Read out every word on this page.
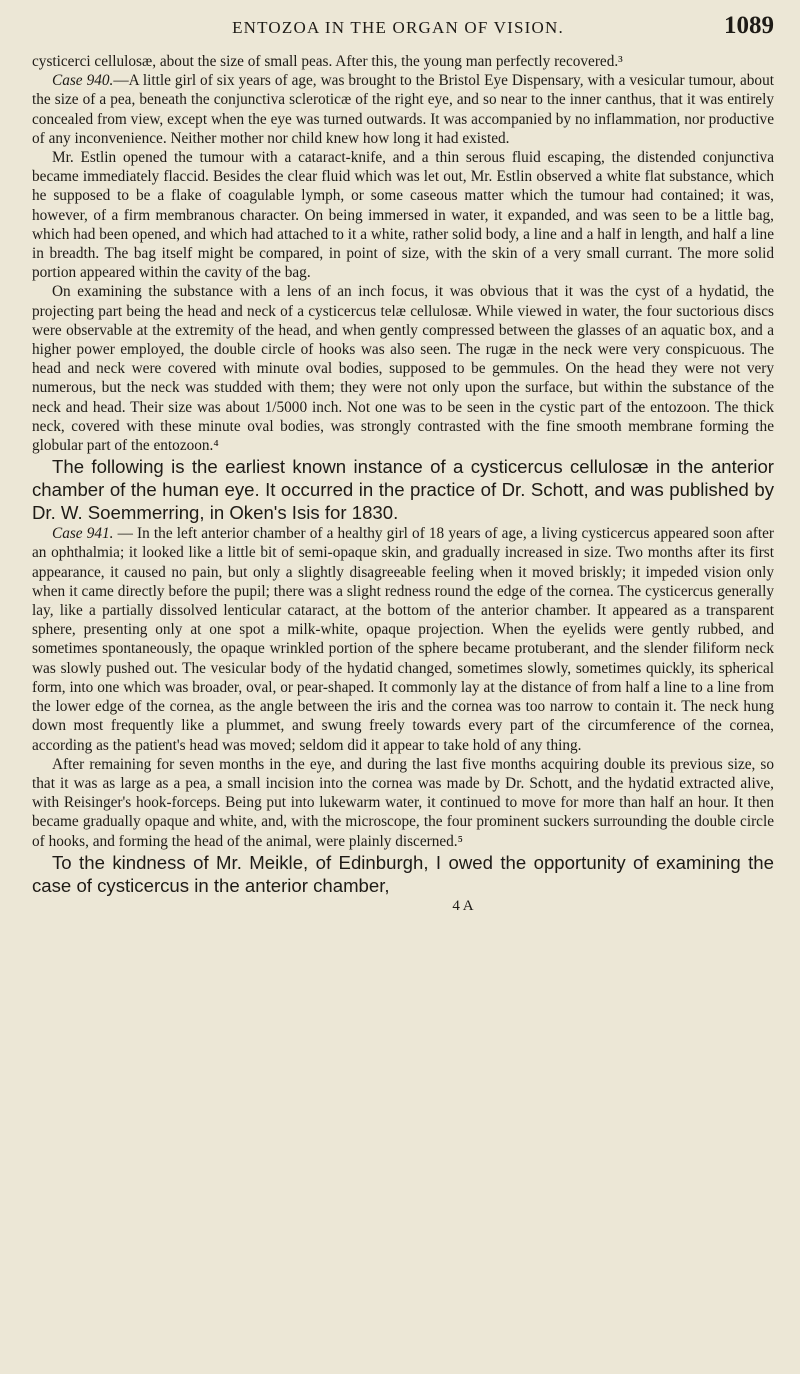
ENTOZOA IN THE ORGAN OF VISION.	1089

cysticerci cellulosæ, about the size of small peas. After this, the young man perfectly recovered.³

Case 940.—A little girl of six years of age, was brought to the Bristol Eye Dispensary, with a vesicular tumour, about the size of a pea, beneath the conjunctiva scleroticæ of the right eye, and so near to the inner canthus, that it was entirely concealed from view, except when the eye was turned outwards. It was accompanied by no inflammation, nor productive of any inconvenience. Neither mother nor child knew how long it had existed.

Mr. Estlin opened the tumour with a cataract-knife, and a thin serous fluid escaping, the distended conjunctiva became immediately flaccid. Besides the clear fluid which was let out, Mr. Estlin observed a white flat substance, which he supposed to be a flake of coagulable lymph, or some caseous matter which the tumour had contained; it was, however, of a firm membranous character. On being immersed in water, it expanded, and was seen to be a little bag, which had been opened, and which had attached to it a white, rather solid body, a line and a half in length, and half a line in breadth. The bag itself might be compared, in point of size, with the skin of a very small currant. The more solid portion appeared within the cavity of the bag.

On examining the substance with a lens of an inch focus, it was obvious that it was the cyst of a hydatid, the projecting part being the head and neck of a cysticercus telæ cellulosæ. While viewed in water, the four suctorious discs were observable at the extremity of the head, and when gently compressed between the glasses of an aquatic box, and a higher power employed, the double circle of hooks was also seen. The rugæ in the neck were very conspicuous. The head and neck were covered with minute oval bodies, supposed to be gemmules. On the head they were not very numerous, but the neck was studded with them; they were not only upon the surface, but within the substance of the neck and head. Their size was about 1/5000 inch. Not one was to be seen in the cystic part of the entozoon. The thick neck, covered with these minute oval bodies, was strongly contrasted with the fine smooth membrane forming the globular part of the entozoon.⁴

The following is the earliest known instance of a cysticercus cellulosæ in the anterior chamber of the human eye. It occurred in the practice of Dr. Schott, and was published by Dr. W. Soemmerring, in Oken's Isis for 1830.

Case 941. — In the left anterior chamber of a healthy girl of 18 years of age, a living cysticercus appeared soon after an ophthalmia; it looked like a little bit of semi-opaque skin, and gradually increased in size. Two months after its first appearance, it caused no pain, but only a slightly disagreeable feeling when it moved briskly; it impeded vision only when it came directly before the pupil; there was a slight redness round the edge of the cornea. The cysticercus generally lay, like a partially dissolved lenticular cataract, at the bottom of the anterior chamber. It appeared as a transparent sphere, presenting only at one spot a milk-white, opaque projection. When the eyelids were gently rubbed, and sometimes spontaneously, the opaque wrinkled portion of the sphere became protuberant, and the slender filiform neck was slowly pushed out. The vesicular body of the hydatid changed, sometimes slowly, sometimes quickly, its spherical form, into one which was broader, oval, or pear-shaped. It commonly lay at the distance of from half a line to a line from the lower edge of the cornea, as the angle between the iris and the cornea was too narrow to contain it. The neck hung down most frequently like a plummet, and swung freely towards every part of the circumference of the cornea, according as the patient's head was moved; seldom did it appear to take hold of any thing.

After remaining for seven months in the eye, and during the last five months acquiring double its previous size, so that it was as large as a pea, a small incision into the cornea was made by Dr. Schott, and the hydatid extracted alive, with Reisinger's hook-forceps. Being put into lukewarm water, it continued to move for more than half an hour. It then became gradually opaque and white, and, with the microscope, the four prominent suckers surrounding the double circle of hooks, and forming the head of the animal, were plainly discerned.⁵

To the kindness of Mr. Meikle, of Edinburgh, I owed the opportunity of examining the case of cysticercus in the anterior chamber,

4 A
